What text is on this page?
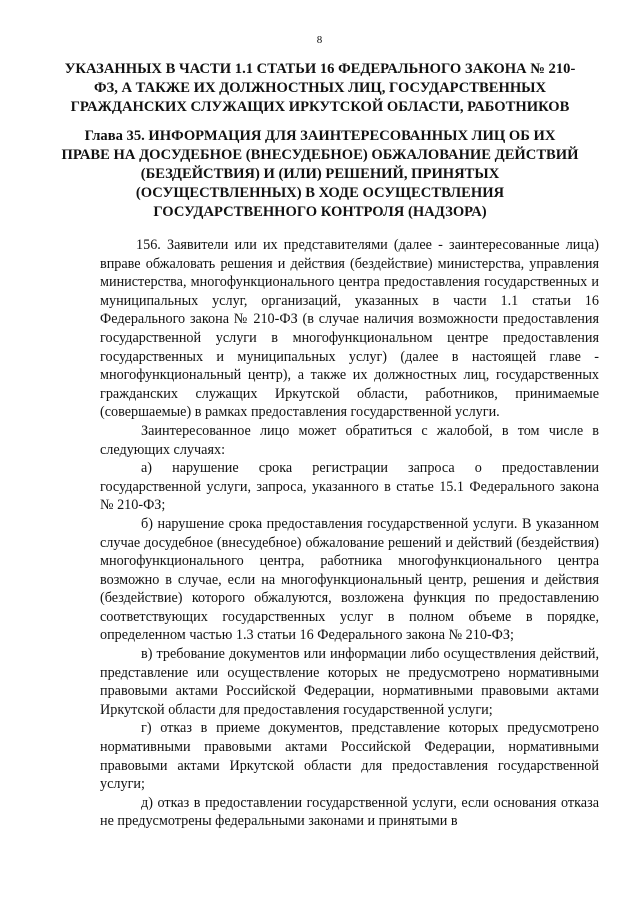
8
УКАЗАННЫХ В ЧАСТИ 1.1 СТАТЬИ 16 ФЕДЕРАЛЬНОГО ЗАКОНА № 210-ФЗ, А ТАКЖЕ ИХ ДОЛЖНОСТНЫХ ЛИЦ, ГОСУДАРСТВЕННЫХ ГРАЖДАНСКИХ СЛУЖАЩИХ ИРКУТСКОЙ ОБЛАСТИ, РАБОТНИКОВ
Глава 35. ИНФОРМАЦИЯ ДЛЯ ЗАИНТЕРЕСОВАННЫХ ЛИЦ ОБ ИХ ПРАВЕ НА ДОСУДЕБНОЕ (ВНЕСУДЕБНОЕ) ОБЖАЛОВАНИЕ ДЕЙСТВИЙ (БЕЗДЕЙСТВИЯ) И (ИЛИ) РЕШЕНИЙ, ПРИНЯТЫХ (ОСУЩЕСТВЛЕННЫХ) В ХОДЕ ОСУЩЕСТВЛЕНИЯ ГОСУДАРСТВЕННОГО КОНТРОЛЯ (НАДЗОРА)

156. Заявители или их представителями (далее - заинтересованные лица) вправе обжаловать решения и действия (бездействие) министерства, управления министерства, многофункционального центра предоставления государственных и муниципальных услуг, организаций, указанных в части 1.1 статьи 16 Федерального закона № 210-ФЗ (в случае наличия возможности предоставления государственной услуги в многофункциональном центре предоставления государственных и муниципальных услуг) (далее в настоящей главе - многофункциональный центр), а также их должностных лиц, государственных гражданских служащих Иркутской области, работников, принимаемые (совершаемые) в рамках предоставления государственной услуги.

Заинтересованное лицо может обратиться с жалобой, в том числе в следующих случаях:

а) нарушение срока регистрации запроса о предоставлении государственной услуги, запроса, указанного в статье 15.1 Федерального закона № 210-ФЗ;

б) нарушение срока предоставления государственной услуги. В указанном случае досудебное (внесудебное) обжалование решений и действий (бездействия) многофункционального центра, работника многофункционального центра возможно в случае, если на многофункциональный центр, решения и действия (бездействие) которого обжалуются, возложена функция по предоставлению соответствующих государственных услуг в полном объеме в порядке, определенном частью 1.3 статьи 16 Федерального закона № 210-ФЗ;

в) требование документов или информации либо осуществления действий, представление или осуществление которых не предусмотрено нормативными правовыми актами Российской Федерации, нормативными правовыми актами Иркутской области для предоставления государственной услуги;

г) отказ в приеме документов, представление которых предусмотрено нормативными правовыми актами Российской Федерации, нормативными правовыми актами Иркутской области для предоставления государственной услуги;

д) отказ в предоставлении государственной услуги, если основания отказа не предусмотрены федеральными законами и принятыми в
